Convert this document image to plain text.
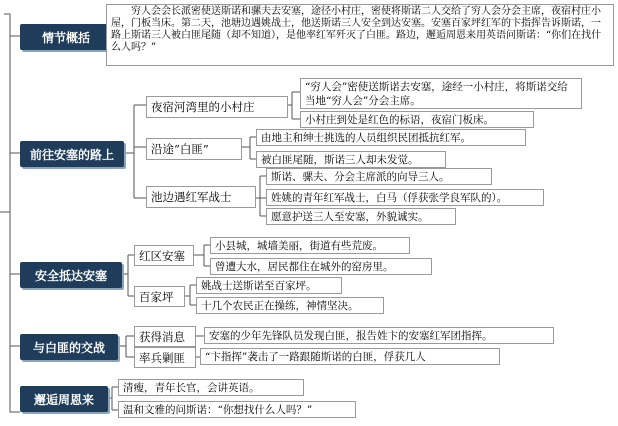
情节概括
穷人会会长派密使送斯诺和骡夫去安塞，途径小村庄，密使将斯诺二人交给了穷人会分会主席，夜宿村庄小屋，门板当床。第二天，池塘边遇姚战士，他送斯诺三人安全到达安塞。安塞百家坪红军的卞指挥告诉斯诺，一路上斯诺三人被白匪尾随（却不知道），是他率红军歼灭了白匪。路边，邂逅周恩来用英语问斯诺：“你们在找什么人吗？”
前往安塞的路上
夜宿河湾里的小村庄
“穷人会”密使送斯诺去安塞，途经一小村庄，将斯诺交给当地“穷人会”分会主席。
小村庄到处是红色的标语，夜宿门板床。
沿途“白匪”
由地主和绅士挑选的人员组织民团抵抗红军。
被白匪尾随，斯诺三人却未发觉。
池边遇红军战士
斯诺、骡夫、分会主席派的向导三人。
姓姚的青年红军战士，白马（俘获张学良军队的）。
愿意护送三人至安塞，外貌诚实。
安全抵达安塞
红区安塞
小县城，城墙美丽，街道有些荒废。
曾遭大水，居民都住在城外的窑房里。
百家坪
姚战士送斯诺至百家坪。
十几个农民正在操练，神情坚决。
与白匪的交战
获得消息	安塞的少年先锋队员发现白匪，报告姓卞的安塞红军团指挥。
率兵剿匪	“卞指挥”袭击了一路跟随斯诺的白匪，俘获几人
邂逅周恩来
清瘦，青年长官，会讲英语。
温和文雅的问斯诺：“你想找什么人吗？”
